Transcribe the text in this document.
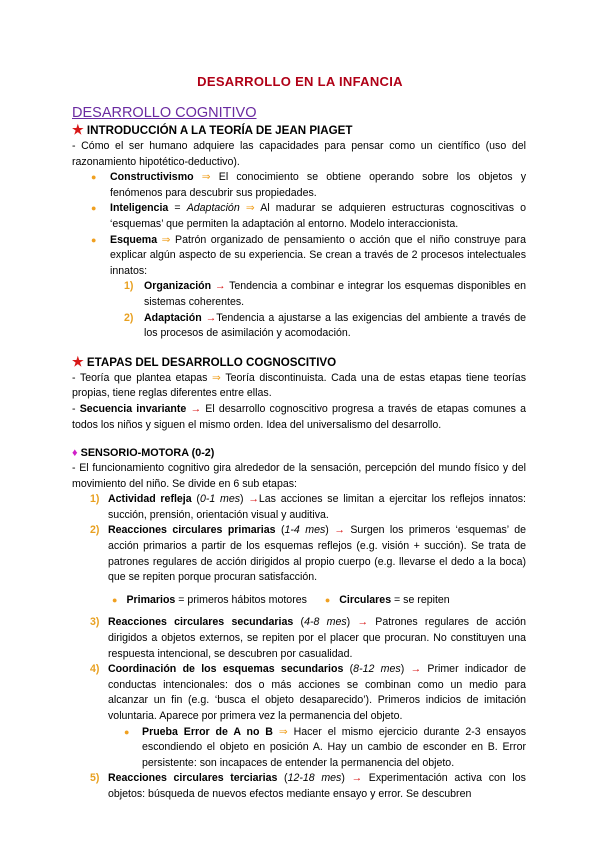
DESARROLLO EN LA INFANCIA
DESARROLLO COGNITIVO
★ INTRODUCCIÓN A LA TEORÍA DE JEAN PIAGET

- Cómo el ser humano adquiere las capacidades para pensar como un científico (uso del razonamiento hipotético-deductivo).

● Constructivismo ⇒ El conocimiento se obtiene operando sobre los objetos y fenómenos para descubrir sus propiedades.
● Inteligencia = Adaptación ⇒ Al madurar se adquieren estructuras cognoscitivas o ‘esquemas’ que permiten la adaptación al entorno. Modelo interaccionista.
● Esquema ⇒ Patrón organizado de pensamiento o acción que el niño construye para explicar algún aspecto de su experiencia. Se crean a través de 2 procesos intelectuales innatos:
1) Organización → Tendencia a combinar e integrar los esquemas disponibles en sistemas coherentes.
2) Adaptación →Tendencia a ajustarse a las exigencias del ambiente a través de los procesos de asimilación y acomodación.
★ ETAPAS DEL DESARROLLO COGNOSCITIVO

- Teoría que plantea etapas ⇒ Teoría discontinuista. Cada una de estas etapas tiene teorías propias, tiene reglas diferentes entre ellas.

- Secuencia invariante → El desarrollo cognoscitivo progresa a través de etapas comunes a todos los niños y siguen el mismo orden. Idea del universalismo del desarrollo.

♦ SENSORIO-MOTORA (0-2)

- El funcionamiento cognitivo gira alrededor de la sensación, percepción del mundo físico y del movimiento del niño. Se divide en 6 sub etapas:

1) Actividad refleja (0-1 mes) →Las acciones se limitan a ejercitar los reflejos innatos: succión, prensión, orientación visual y auditiva.
2) Reacciones circulares primarias (1-4 mes) → Surgen los primeros ‘esquemas’ de acción primarios a partir de los esquemas reflejos (e.g. visión + succión). Se trata de patrones regulares de acción dirigidos al propio cuerpo (e.g. llevarse el dedo a la boca) que se repiten porque procuran satisfacción.
● Primarios = primeros hábitos motores ● Circulares = se repiten
3) Reacciones circulares secundarias (4-8 mes) → Patrones regulares de acción dirigidos a objetos externos, se repiten por el placer que procuran. No constituyen una respuesta intencional, se descubren por casualidad.
4) Coordinación de los esquemas secundarios (8-12 mes) → Primer indicador de conductas intencionales: dos o más acciones se combinan como un medio para alcanzar un fin (e.g. ‘busca el objeto desaparecido’). Primeros indicios de imitación voluntaria. Aparece por primera vez la permanencia del objeto.
● Prueba Error de A no B ⇒ Hacer el mismo ejercicio durante 2-3 ensayos escondiendo el objeto en posición A. Hay un cambio de esconder en B. Error persistente: son incapaces de entender la permanencia del objeto.
5) Reacciones circulares terciarias (12-18 mes) → Experimentación activa con los objetos: búsqueda de nuevos efectos mediante ensayo y error. Se descubren
